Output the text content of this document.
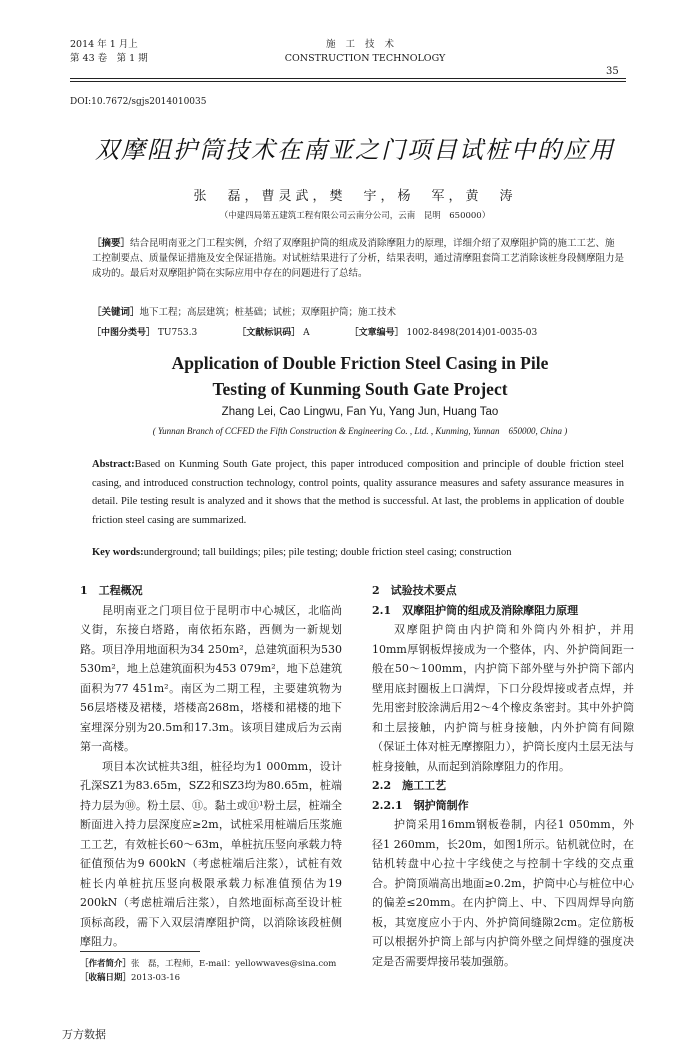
2014 年 1 月上
第 43 卷　第 1 期
施工技术
CONSTRUCTION TECHNOLOGY
35
DOI:10.7672/sgjs2014010035
双摩阻护筒技术在南亚之门项目试桩中的应用
张　磊，曹灵武，樊　宇，杨　军，黄　涛
（中建四局第五建筑工程有限公司云南分公司，云南　昆明　650000）
［摘要］结合昆明南亚之门工程实例，介绍了双摩阻护筒的组成及消除摩阻力的原理，详细介绍了双摩阻护筒的施工工艺、施工控制要点、质量保证措施及安全保证措施。对试桩结果进行了分析，结果表明，通过清摩阻套筒工艺消除该桩身段侧摩阻力是成功的。最后对双摩阻护筒在实际应用中存在的问题进行了总结。
［关键词］地下工程；高层建筑；桩基础；试桩；双摩阻护筒；施工技术
［中图分类号］ TU753.3	［文献标识码］ A	［文章编号］ 1002-8498(2014)01-0035-03
Application of Double Friction Steel Casing in Pile
Testing of Kunming South Gate Project
Zhang Lei, Cao Lingwu, Fan Yu, Yang Jun, Huang Tao
( Yunnan Branch of CCFED the Fifth Construction & Engineering Co. , Ltd. , Kunming, Yunnan　650000, China )
Abstract:Based on Kunming South Gate project, this paper introduced composition and principle of double friction steel casing, and introduced construction technology, control points, quality assurance measures and safety assurance measures in detail. Pile testing result is analyzed and it shows that the method is successful. At last, the problems in application of double friction steel casing are summarized.
Key words:underground; tall buildings; piles; pile testing; double friction steel casing; construction

1　工程概况

昆明南亚之门项目位于昆明市中心城区，北临尚义街，东接白塔路，南依拓东路，西侧为一新规划路。项目净用地面积为34 250m²，总建筑面积为530 530m²，地上总建筑面积为453 079m²，地下总建筑面积为77 451m²。南区为二期工程，主要建筑物为56层塔楼及裙楼，塔楼高268m，塔楼和裙楼的地下室埋深分别为20.5m和17.3m。该项目建成后为云南第一高楼。

项目本次试桩共3组，桩径均为1 000mm，设计孔深SZ1为83.65m，SZ2和SZ3均为80.65m，桩端持力层为⑩。粉土层、⑪。黏土或⑪¹粉土层，桩端全断面进入持力层深度应≥2m，试桩采用桩端后压浆施工工艺，有效桩长60～63m，单桩抗压竖向承载力特征值预估为9 600kN（考虑桩端后注浆），试桩有效桩长内单桩抗压竖向极限承载力标准值预估为19 200kN（考虑桩端后注浆），自然地面标高至设计桩顶标高段，需下入双层清摩阻护筒，以消除该段桩侧摩阻力。

2　试验技术要点

2.1　双摩阻护筒的组成及消除摩阻力原理

双摩阻护筒由内护筒和外筒内外相护，并用10mm厚钢板焊接成为一个整体，内、外护筒间距一般在50～100mm，内护筒下部外壁与外护筒下部内壁用底封圈板上口满焊，下口分段焊接或者点焊，并先用密封胶涂满后用2～4个橡皮条密封。其中外护筒和土层接触，内护筒与桩身接触，内外护筒有间隙（保证土体对桩无摩擦阻力），护筒长度内土层无法与桩身接触，从而起到消除摩阻力的作用。

2.2　施工工艺

2.2.1　钢护筒制作

护筒采用16mm钢板卷制，内径1 050mm，外径1 260mm，长20m，如图1所示。钻机就位时，在钻机转盘中心拉十字线使之与控制十字线的交点重合。护筒顶端高出地面≥0.2m，护筒中心与桩位中心的偏差≤20mm。在内护筒上、中、下四周焊导向筋板，其宽度应小于内、外护筒间缝隙2cm。定位筋板可以根据外护筒上部与内护筒外壁之间焊缝的强度决定是否需要焊接吊装加强筋。

［作者简介］张　磊，工程师，E-mail：yellowwaves@sina.com
［收稿日期］2013-03-16
万方数据
